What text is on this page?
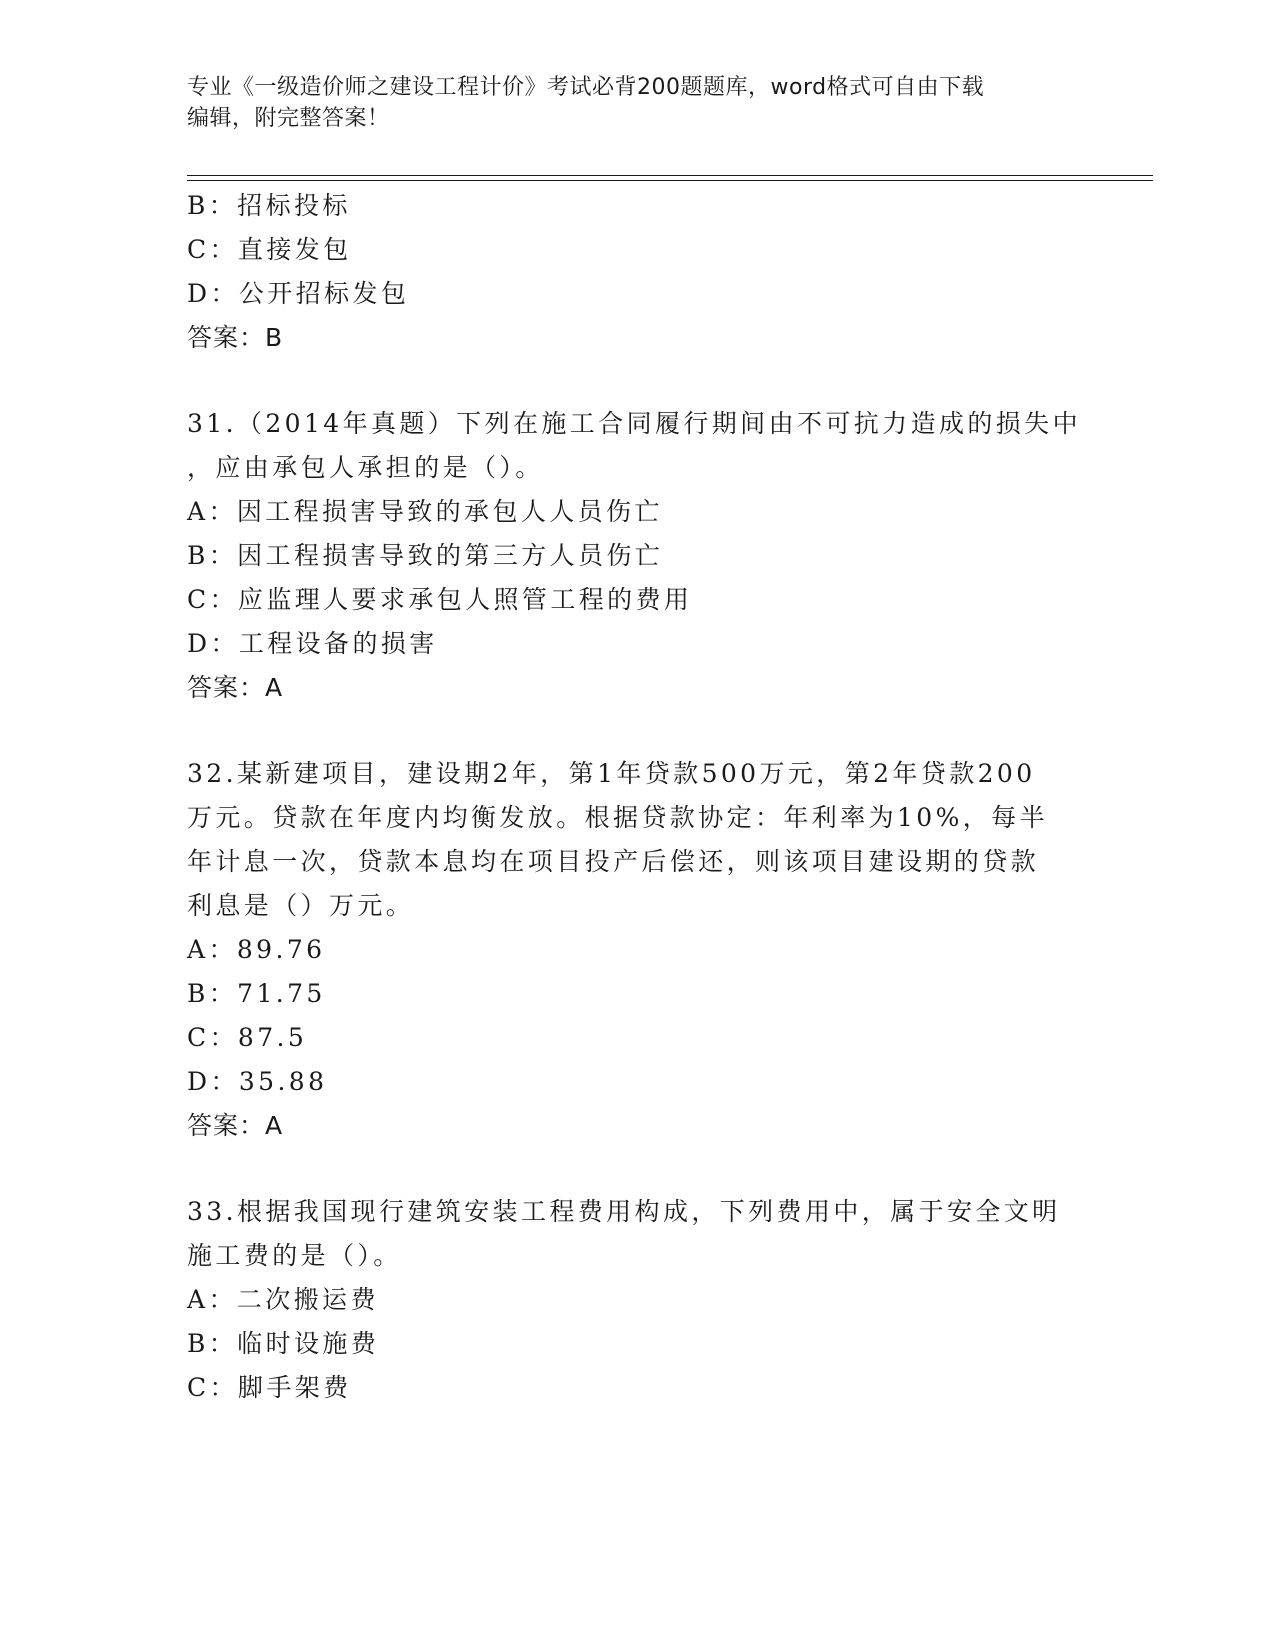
专业《一级造价师之建设工程计价》考试必背200题题库，word格式可自由下载
编辑，附完整答案！
B：招标投标
C：直接发包
D：公开招标发包
答案：B
31.（2014年真题）下列在施工合同履行期间由不可抗力造成的损失中
，应由承包人承担的是（）。
A：因工程损害导致的承包人人员伤亡
B：因工程损害导致的第三方人员伤亡
C：应监理人要求承包人照管工程的费用
D：工程设备的损害
答案：A
32.某新建项目，建设期2年，第1年贷款500万元，第2年贷款200
万元。贷款在年度内均衡发放。根据贷款协定：年利率为10%，每半
年计息一次，贷款本息均在项目投产后偿还，则该项目建设期的贷款
利息是（）万元。
A：89.76
B：71.75
C：87.5
D：35.88
答案：A
33.根据我国现行建筑安装工程费用构成，下列费用中，属于安全文明
施工费的是（）。
A：二次搬运费
B：临时设施费
C：脚手架费
